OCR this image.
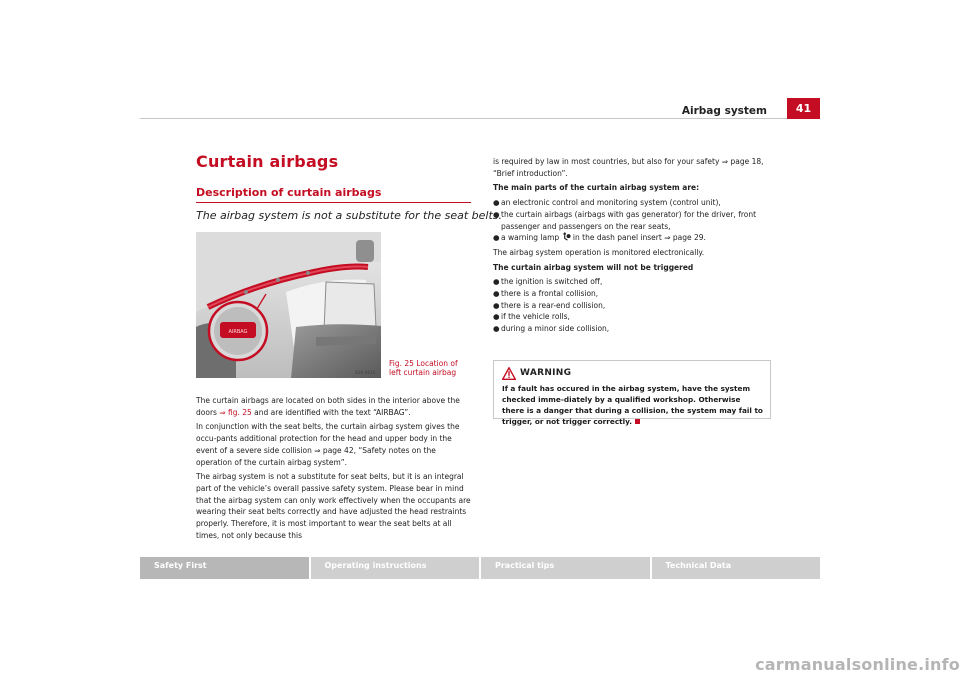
Airbag system	41
Curtain airbags
Description of curtain airbags
The airbag system is not a substitute for the seat belts.
B3R-0010
AIRBAG
Fig. 25 Location of left curtain airbag

The curtain airbags are located on both sides in the interior above the doors ⇒ fig. 25 and are identified with the text “AIRBAG”.

In conjunction with the seat belts, the curtain airbag system gives the occu-pants additional protection for the head and upper body in the event of a severe side collision ⇒ page 42, “Safety notes on the operation of the curtain airbag system”.

The airbag system is not a substitute for seat belts, but it is an integral part of the vehicle’s overall passive safety system. Please bear in mind that the airbag system can only work effectively when the occupants are wearing their seat belts correctly and have adjusted the head restraints properly. Therefore, it is most important to wear the seat belts at all times, not only because this

is required by law in most countries, but also for your safety ⇒ page 18, “Brief introduction”.

The main parts of the curtain airbag system are:

● an electronic control and monitoring system (control unit),
● the curtain airbags (airbags with gas generator) for the driver, front passenger and passengers on the rear seats,
● a warning lamp  in the dash panel insert ⇒ page 29.

The airbag system operation is monitored electronically.

The curtain airbag system will not be triggered

● the ignition is switched off,
● there is a frontal collision,
● there is a rear-end collision,
● if the vehicle rolls,
● during a minor side collision,
WARNING
If a fault has occured in the airbag system, have the system checked imme-diately by a qualified workshop. Otherwise there is a danger that during a collision, the system may fail to trigger, or not trigger correctly.
Safety First	Operating instructions	Practical tips	Technical Data
carmanualsonline.info
